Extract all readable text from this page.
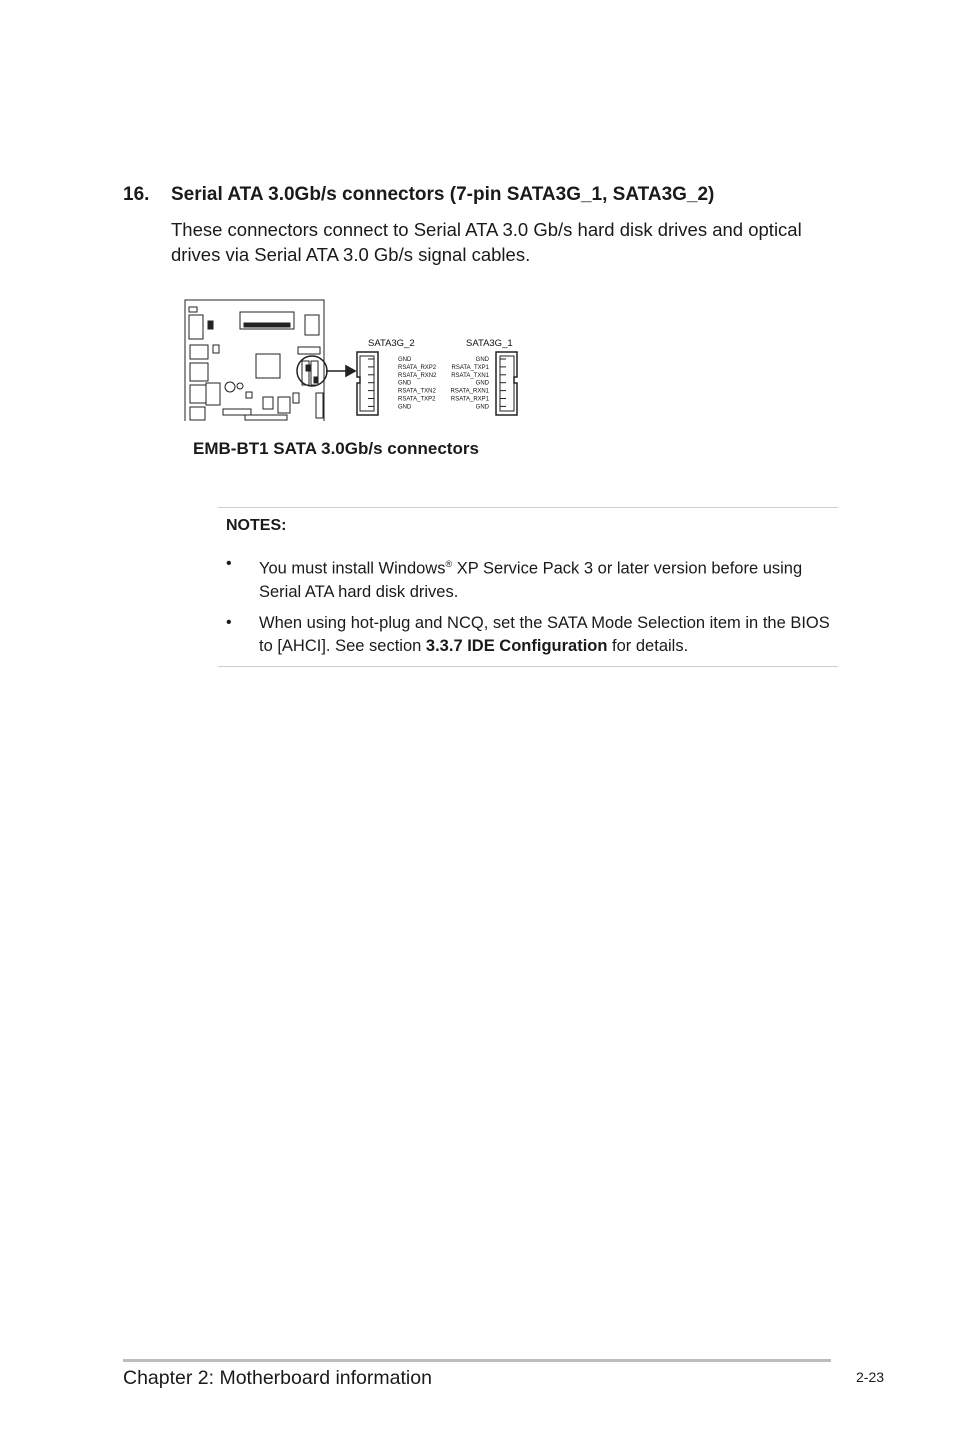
16. Serial ATA 3.0Gb/s connectors (7-pin SATA3G_1, SATA3G_2)
These connectors connect to Serial ATA 3.0 Gb/s hard disk drives and optical drives via Serial ATA 3.0 Gb/s signal cables.
SATA3G_2
GND
RSATA_RXP2
RSATA_RXN2
GND
RSATA_TXN2
RSATA_TXP2
GND
SATA3G_1
GND
RSATA_TXP1
RSATA_TXN1
GND
RSATA_RXN1
RSATA_RXP1
GND
EMB-BT1 SATA 3.0Gb/s connectors
NOTES:
• You must install Windows® XP Service Pack 3 or later version before using Serial ATA hard disk drives.
• When using hot-plug and NCQ, set the SATA Mode Selection item in the BIOS to [AHCI]. See section 3.3.7 IDE Configuration for details.
Chapter 2: Motherboard information	2-23
